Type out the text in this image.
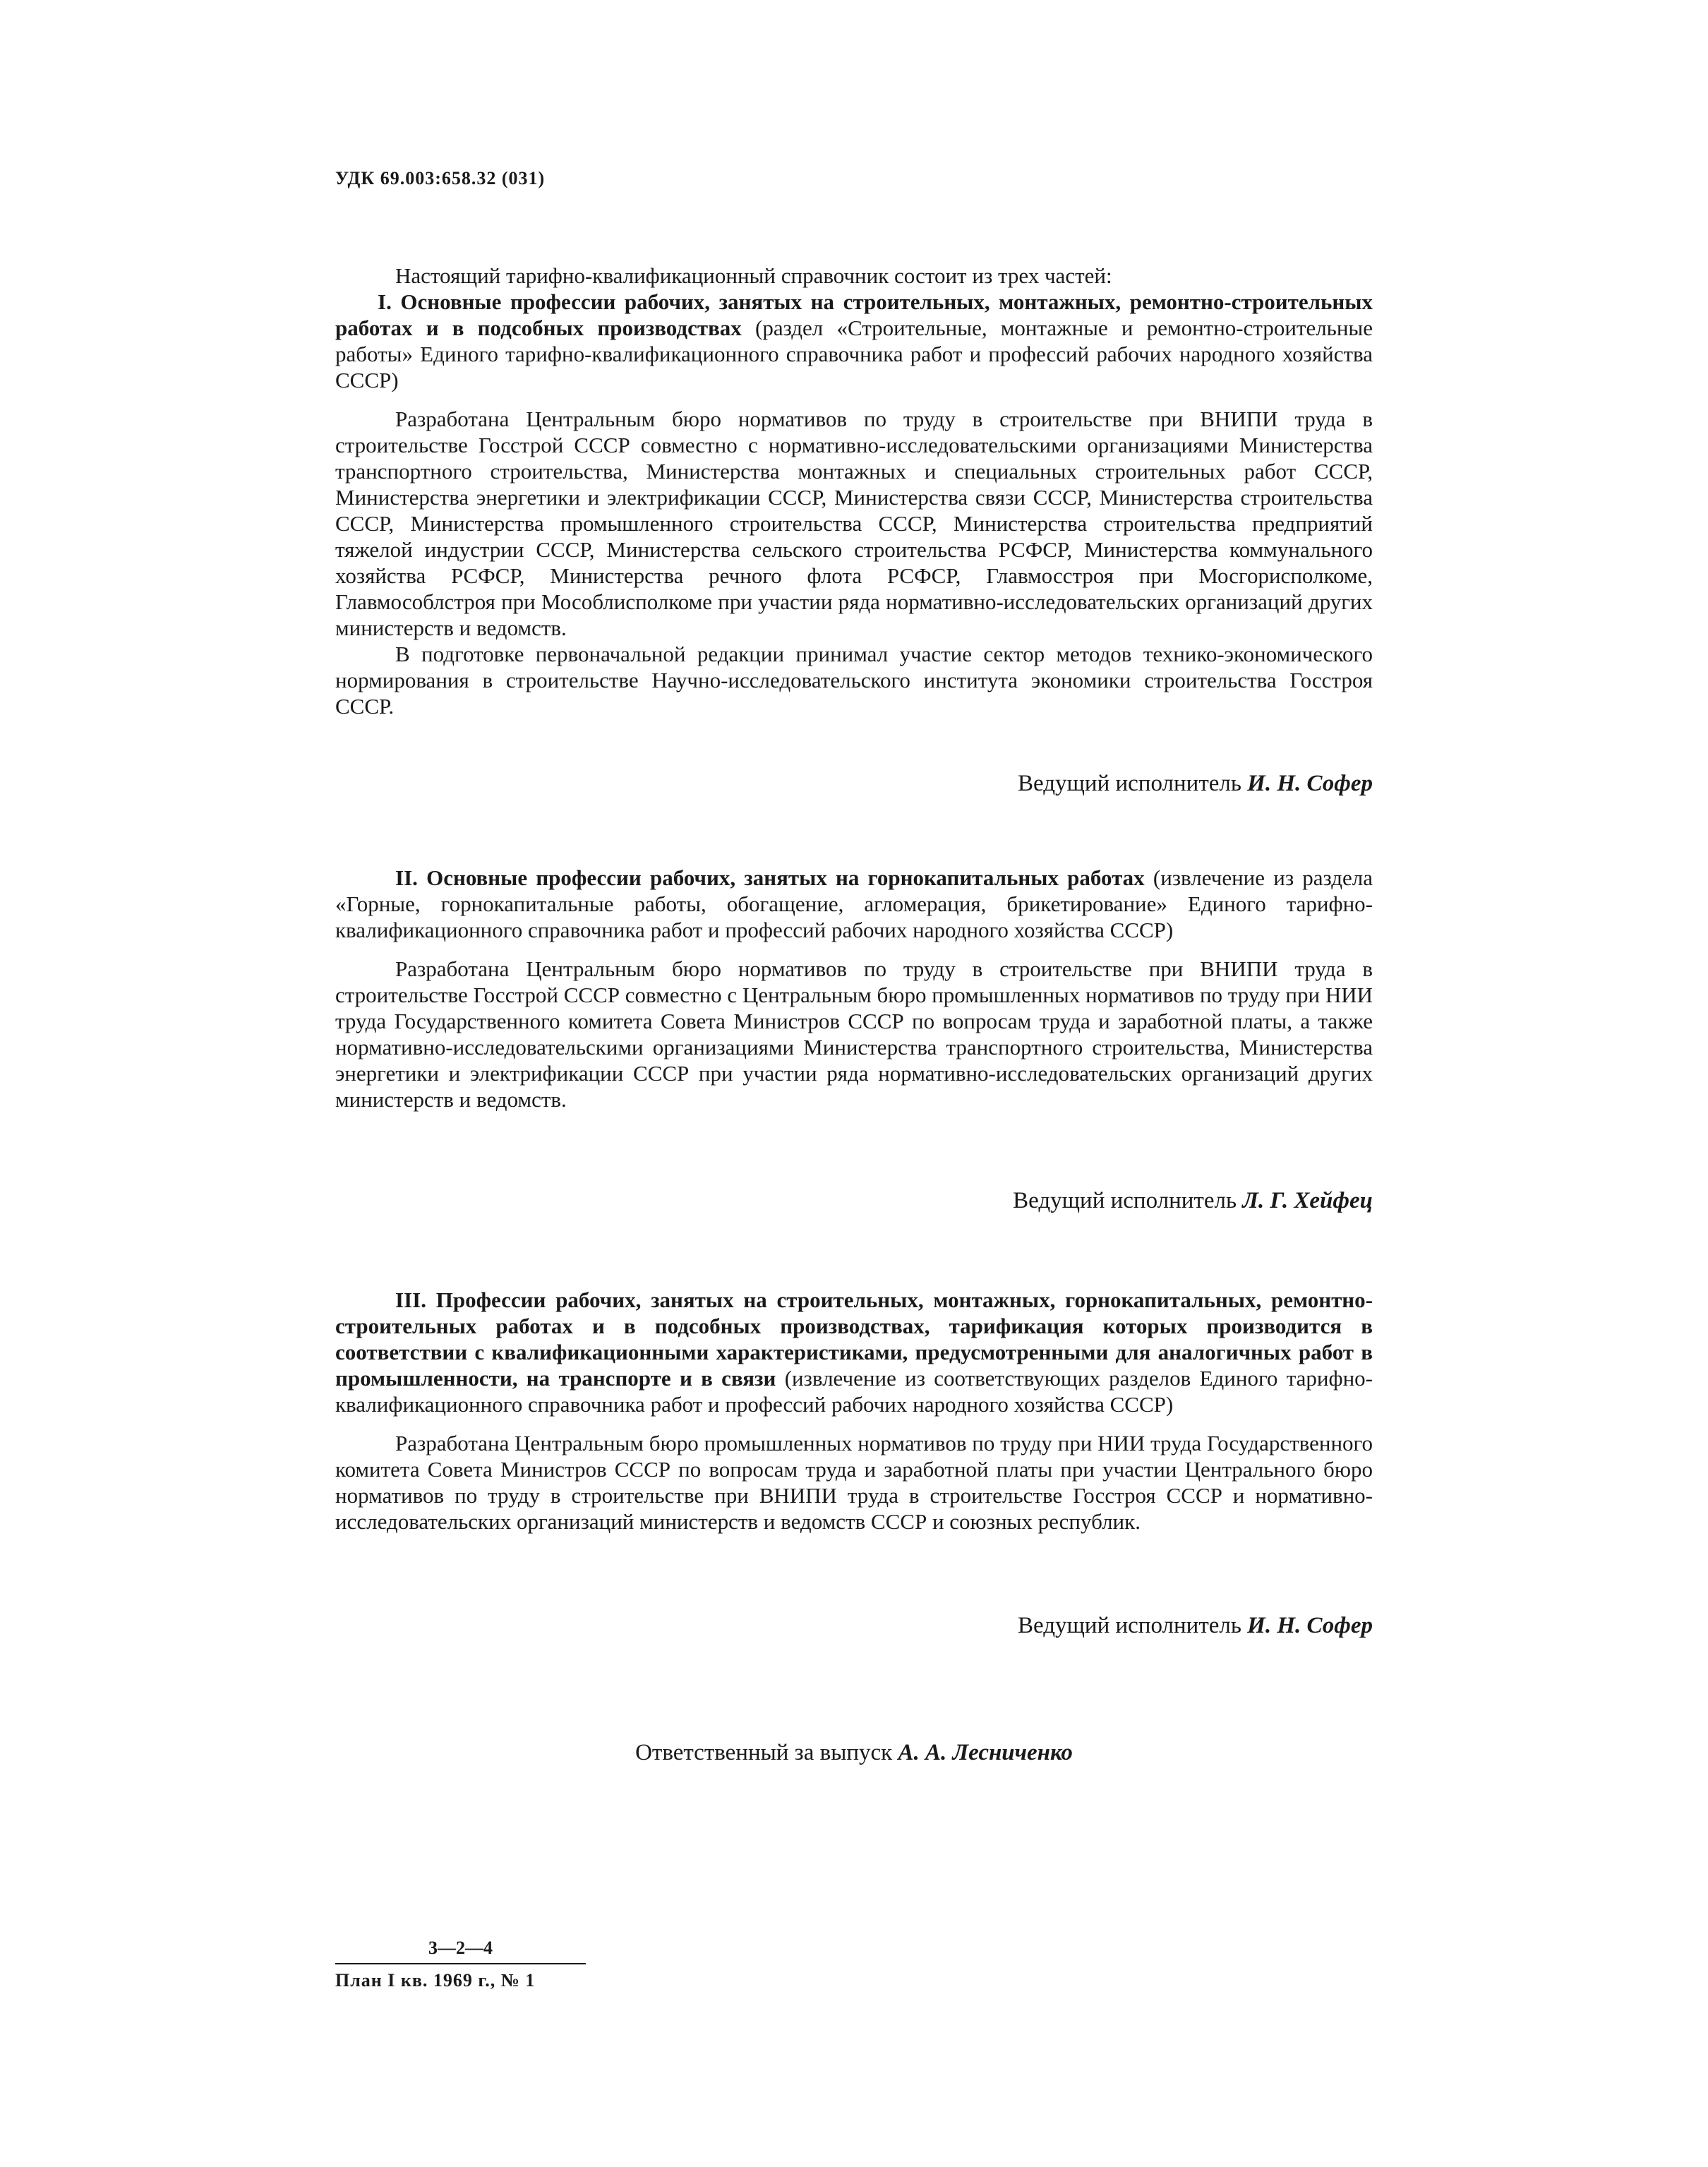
УДК 69.003:658.32 (031)

Настоящий тарифно-квалификационный справочник состоит из трех частей:

I. Основные профессии рабочих, занятых на строительных, монтажных, ремонтно-строительных работах и в подсобных производствах (раздел «Строительные, монтажные и ремонтно-строительные работы» Единого тарифно-квалификационного справочника работ и профессий рабочих народного хозяйства СССР)

Разработана Центральным бюро нормативов по труду в строительстве при ВНИПИ труда в строительстве Госстрой СССР совместно с нормативно-исследовательскими организациями Министерства транспортного строительства, Министерства монтажных и специальных строительных работ СССР, Министерства энергетики и электрификации СССР, Министерства связи СССР, Министерства строительства СССР, Министерства промышленного строительства СССР, Министерства строительства предприятий тяжелой индустрии СССР, Министерства сельского строительства РСФСР, Министерства коммунального хозяйства РСФСР, Министерства речного флота РСФСР, Главмосстроя при Мосгорисполкоме, Главмособлстроя при Мособлисполкоме при участии ряда нормативно-исследовательских организаций других министерств и ведомств.

В подготовке первоначальной редакции принимал участие сектор методов технико-экономического нормирования в строительстве Научно-исследовательского института экономики строительства Госстроя СССР.

Ведущий исполнитель И. Н. Софер

II. Основные профессии рабочих, занятых на горнокапитальных работах (извлечение из раздела «Горные, горнокапитальные работы, обогащение, агломерация, брикетирование» Единого тарифно-квалификационного справочника работ и профессий рабочих народного хозяйства СССР)

Разработана Центральным бюро нормативов по труду в строительстве при ВНИПИ труда в строительстве Госстрой СССР совместно с Центральным бюро промышленных нормативов по труду при НИИ труда Государственного комитета Совета Министров СССР по вопросам труда и заработной платы, а также нормативно-исследовательскими организациями Министерства транспортного строительства, Министерства энергетики и электрификации СССР при участии ряда нормативно-исследовательских организаций других министерств и ведомств.

Ведущий исполнитель Л. Г. Хейфец

III. Профессии рабочих, занятых на строительных, монтажных, горнокапитальных, ремонтно-строительных работах и в подсобных производствах, тарификация которых производится в соответствии с квалификационными характеристиками, предусмотренными для аналогичных работ в промышленности, на транспорте и в связи (извлечение из соответствующих разделов Единого тарифно-квалификационного справочника работ и профессий рабочих народного хозяйства СССР)

Разработана Центральным бюро промышленных нормативов по труду при НИИ труда Государственного комитета Совета Министров СССР по вопросам труда и заработной платы при участии Центрального бюро нормативов по труду в строительстве при ВНИПИ труда в строительстве Госстроя СССР и нормативно-исследовательских организаций министерств и ведомств СССР и союзных республик.

Ведущий исполнитель И. Н. Софер
Ответственный за выпуск А. А. Лесниченко
3—2—4
План I кв. 1969 г., № 1
